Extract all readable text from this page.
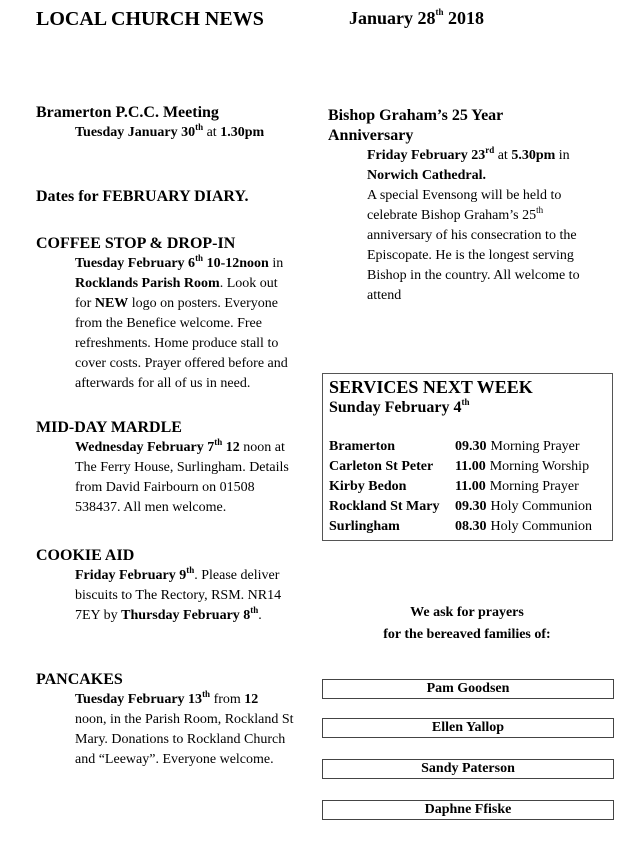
LOCAL CHURCH NEWS	January 28th 2018
Bramerton P.C.C. Meeting
Tuesday January 30th at 1.30pm
Dates for FEBRUARY DIARY.
COFFEE STOP & DROP-IN
Tuesday February 6th 10-12noon in
Rocklands Parish Room. Look out
for NEW logo on posters. Everyone
from the Benefice welcome. Free
refreshments. Home produce stall to
cover costs. Prayer offered before and
afterwards for all of us in need.
MID-DAY MARDLE
Wednesday February 7th 12 noon at
The Ferry House, Surlingham. Details
from David Fairbourn on 01508
538437. All men welcome.
COOKIE AID
Friday February 9th. Please deliver
biscuits to The Rectory, RSM. NR14
7EY by Thursday February 8th.
PANCAKES
Tuesday February 13th from 12
noon, in the Parish Room, Rockland St
Mary. Donations to Rockland Church
and “Leeway”. Everyone welcome.
Bishop Graham’s 25 Year
Anniversary
Friday February 23rd at 5.30pm in
Norwich Cathedral.
A special Evensong will be held to
celebrate Bishop Graham’s 25th
anniversary of his consecration to the
Episcopate. He is the longest serving
Bishop in the country. All welcome to
attend
SERVICES NEXT WEEK
Sunday February 4th
Bramerton	09.30 Morning Prayer
Carleton St Peter	11.00 Morning Worship
Kirby Bedon	11.00 Morning Prayer
Rockland St Mary	09.30 Holy Communion
Surlingham	08.30 Holy Communion
We ask for prayers
for the bereaved families of:
Pam Goodsen
Ellen Yallop
Sandy Paterson
Daphne Ffiske
